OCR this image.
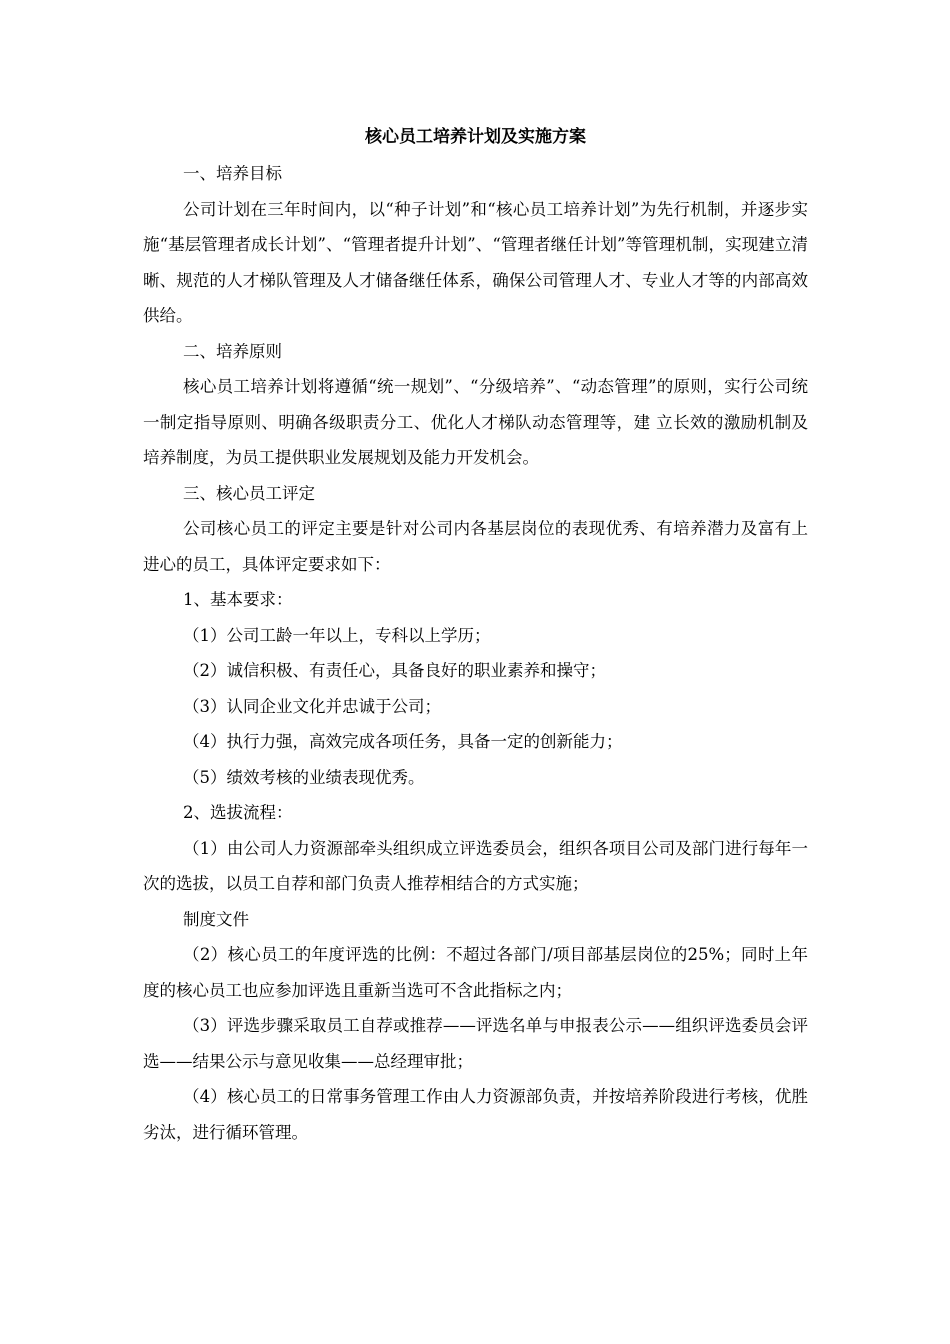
核心员工培养计划及实施方案

一、培养目标

公司计划在三年时间内，以“种子计划”和“核心员工培养计划”为先行机制，并逐步实施“基层管理者成长计划”、“管理者提升计划”、“管理者继任计划”等管理机制，实现建立清晰、规范的人才梯队管理及人才储备继任体系，确保公司管理人才、专业人才等的内部高效供给。

二、培养原则

核心员工培养计划将遵循“统一规划”、“分级培养”、“动态管理”的原则，实行公司统一制定指导原则、明确各级职责分工、优化人才梯队动态管理等，建 立长效的激励机制及培养制度，为员工提供职业发展规划及能力开发机会。

三、核心员工评定

公司核心员工的评定主要是针对公司内各基层岗位的表现优秀、有培养潜力及富有上进心的员工，具体评定要求如下：

1、基本要求：

（1）公司工龄一年以上，专科以上学历；

（2）诚信积极、有责任心，具备良好的职业素养和操守；

（3）认同企业文化并忠诚于公司；

（4）执行力强，高效完成各项任务，具备一定的创新能力；

（5）绩效考核的业绩表现优秀。

2、选拔流程：

（1）由公司人力资源部牵头组织成立评选委员会，组织各项目公司及部门进行每年一次的选拔，以员工自荐和部门负责人推荐相结合的方式实施；

制度文件

（2）核心员工的年度评选的比例：不超过各部门/项目部基层岗位的25%；同时上年度的核心员工也应参加评选且重新当选可不含此指标之内；

（3）评选步骤采取员工自荐或推荐——评选名单与申报表公示——组织评选委员会评选——结果公示与意见收集——总经理审批；

（4）核心员工的日常事务管理工作由人力资源部负责，并按培养阶段进行考核，优胜劣汰，进行循环管理。
